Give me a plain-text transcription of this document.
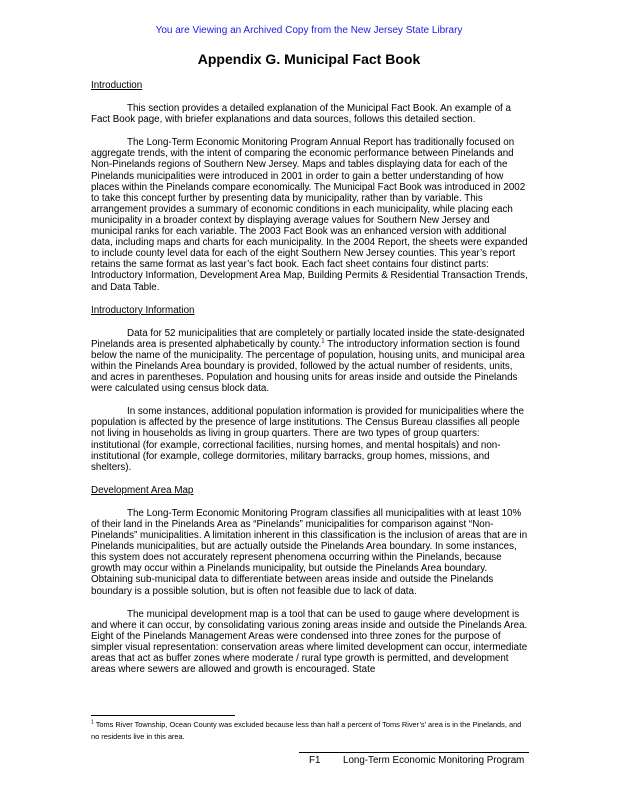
You are Viewing an Archived Copy from the New Jersey State Library
Appendix G. Municipal Fact Book

Introduction

This section provides a detailed explanation of the Municipal Fact Book. An example of a Fact Book page, with briefer explanations and data sources, follows this detailed section.

The Long-Term Economic Monitoring Program Annual Report has traditionally focused on aggregate trends, with the intent of comparing the economic performance between Pinelands and Non-Pinelands regions of Southern New Jersey. Maps and tables displaying data for each of the Pinelands municipalities were introduced in 2001 in order to gain a better understanding of how places within the Pinelands compare economically. The Municipal Fact Book was introduced in 2002 to take this concept further by presenting data by municipality, rather than by variable. This arrangement provides a summary of economic conditions in each municipality, while placing each municipality in a broader context by displaying average values for Southern New Jersey and municipal ranks for each variable. The 2003 Fact Book was an enhanced version with additional data, including maps and charts for each municipality. In the 2004 Report, the sheets were expanded to include county level data for each of the eight Southern New Jersey counties. This year’s report retains the same format as last year’s fact book. Each fact sheet contains four distinct parts: Introductory Information, Development Area Map, Building Permits & Residential Transaction Trends, and Data Table.

Introductory Information

Data for 52 municipalities that are completely or partially located inside the state-designated Pinelands area is presented alphabetically by county.$^1$ The introductory information section is found below the name of the municipality. The percentage of population, housing units, and municipal area within the Pinelands Area boundary is provided, followed by the actual number of residents, units, and acres in parentheses. Population and housing units for areas inside and outside the Pinelands were calculated using census block data.

In some instances, additional population information is provided for municipalities where the population is affected by the presence of large institutions. The Census Bureau classifies all people not living in households as living in group quarters. There are two types of group quarters: institutional (for example, correctional facilities, nursing homes, and mental hospitals) and non-institutional (for example, college dormitories, military barracks, group homes, missions, and shelters).

Development Area Map

The Long-Term Economic Monitoring Program classifies all municipalities with at least 10% of their land in the Pinelands Area as “Pinelands” municipalities for comparison against “Non-Pinelands” municipalities. A limitation inherent in this classification is the inclusion of areas that are in Pinelands municipalities, but are actually outside the Pinelands Area boundary. In some instances, this system does not accurately represent phenomena occurring within the Pinelands, because growth may occur within a Pinelands municipality, but outside the Pinelands Area boundary. Obtaining sub-municipal data to differentiate between areas inside and outside the Pinelands boundary is a possible solution, but is often not feasible due to lack of data.

The municipal development map is a tool that can be used to gauge where development is and where it can occur, by consolidating various zoning areas inside and outside the Pinelands Area. Eight of the Pinelands Management Areas were condensed into three zones for the purpose of simpler visual representation: conservation areas where limited development can occur, intermediate areas that act as buffer zones where moderate / rural type growth is permitted, and development areas where sewers are allowed and growth is encouraged. State

$^1$ Toms River Township, Ocean County was excluded because less than half a percent of Toms River’s’ area is in the Pinelands, and no residents live in this area.
F1 Long-Term Economic Monitoring Program
